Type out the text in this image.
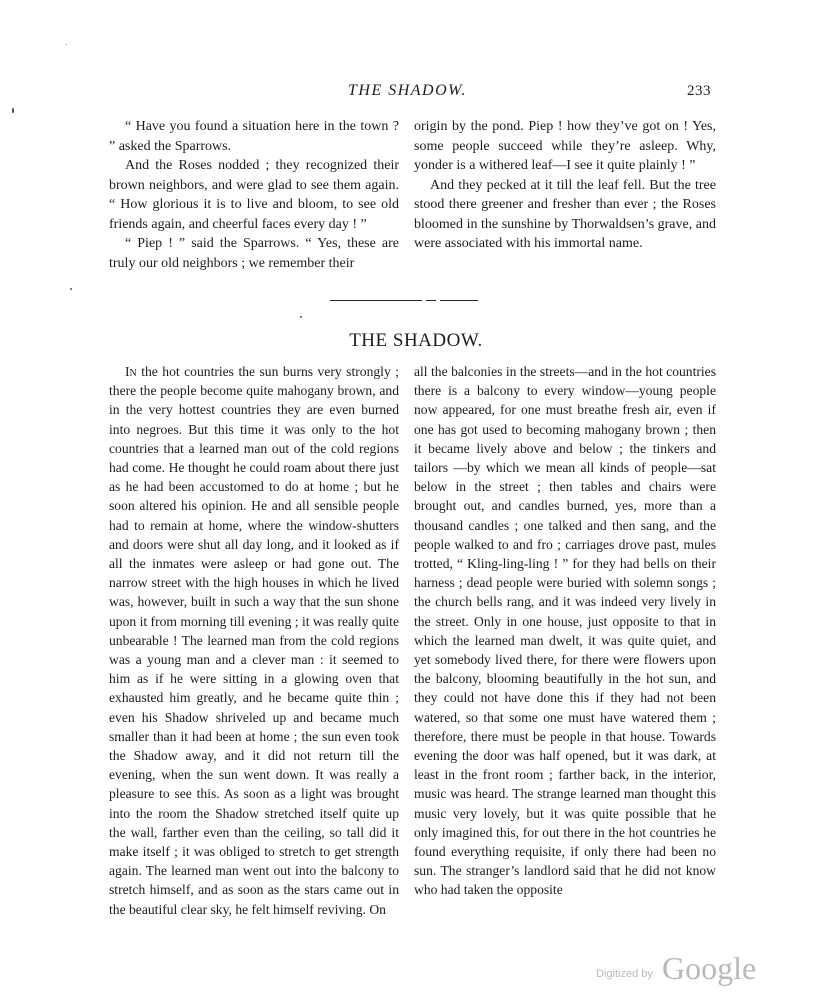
THE SHADOW.	233

“ Have you found a situation here in the town ? ” asked the Sparrows.

And the Roses nodded ; they recognized their brown neighbors, and were glad to see them again. “ How glorious it is to live and bloom, to see old friends again, and cheerful faces every day ! ”

“ Piep ! ” said the Sparrows. “ Yes, these are truly our old neighbors ; we remember their

origin by the pond. Piep ! how they’ve got on ! Yes, some people succeed while they’re asleep. Why, yonder is a withered leaf—I see it quite plainly ! ”

And they pecked at it till the leaf fell. But the tree stood there greener and fresher than ever ; the Roses bloomed in the sunshine by Thorwaldsen’s grave, and were associated with his immortal name.

THE SHADOW.

In the hot countries the sun burns very strongly ; there the people become quite mahogany brown, and in the very hottest countries they are even burned into negroes. But this time it was only to the hot countries that a learned man out of the cold regions had come. He thought he could roam about there just as he had been accustomed to do at home ; but he soon altered his opinion. He and all sensible people had to remain at home, where the window-shutters and doors were shut all day long, and it looked as if all the inmates were asleep or had gone out. The narrow street with the high houses in which he lived was, however, built in such a way that the sun shone upon it from morning till evening ; it was really quite unbearable ! The learned man from the cold regions was a young man and a clever man : it seemed to him as if he were sitting in a glowing oven that exhausted him greatly, and he became quite thin ; even his Shadow shriveled up and became much smaller than it had been at home ; the sun even took the Shadow away, and it did not return till the evening, when the sun went down. It was really a pleasure to see this. As soon as a light was brought into the room the Shadow stretched itself quite up the wall, farther even than the ceiling, so tall did it make itself ; it was obliged to stretch to get strength again. The learned man went out into the balcony to stretch himself, and as soon as the stars came out in the beautiful clear sky, he felt himself reviving. On

all the balconies in the streets—and in the hot countries there is a balcony to every window—young people now appeared, for one must breathe fresh air, even if one has got used to becoming mahogany brown ; then it became lively above and below ; the tinkers and tailors —by which we mean all kinds of people—sat below in the street ; then tables and chairs were brought out, and candles burned, yes, more than a thousand candles ; one talked and then sang, and the people walked to and fro ; carriages drove past, mules trotted, “ Kling-ling-ling ! ” for they had bells on their harness ; dead people were buried with solemn songs ; the church bells rang, and it was indeed very lively in the street. Only in one house, just opposite to that in which the learned man dwelt, it was quite quiet, and yet somebody lived there, for there were flowers upon the balcony, blooming beautifully in the hot sun, and they could not have done this if they had not been watered, so that some one must have watered them ; therefore, there must be people in that house. Towards evening the door was half opened, but it was dark, at least in the front room ; farther back, in the interior, music was heard. The strange learned man thought this music very lovely, but it was quite possible that he only imagined this, for out there in the hot countries he found everything requisite, if only there had been no sun. The stranger’s landlord said that he did not know who had taken the opposite

Digitized by Google
